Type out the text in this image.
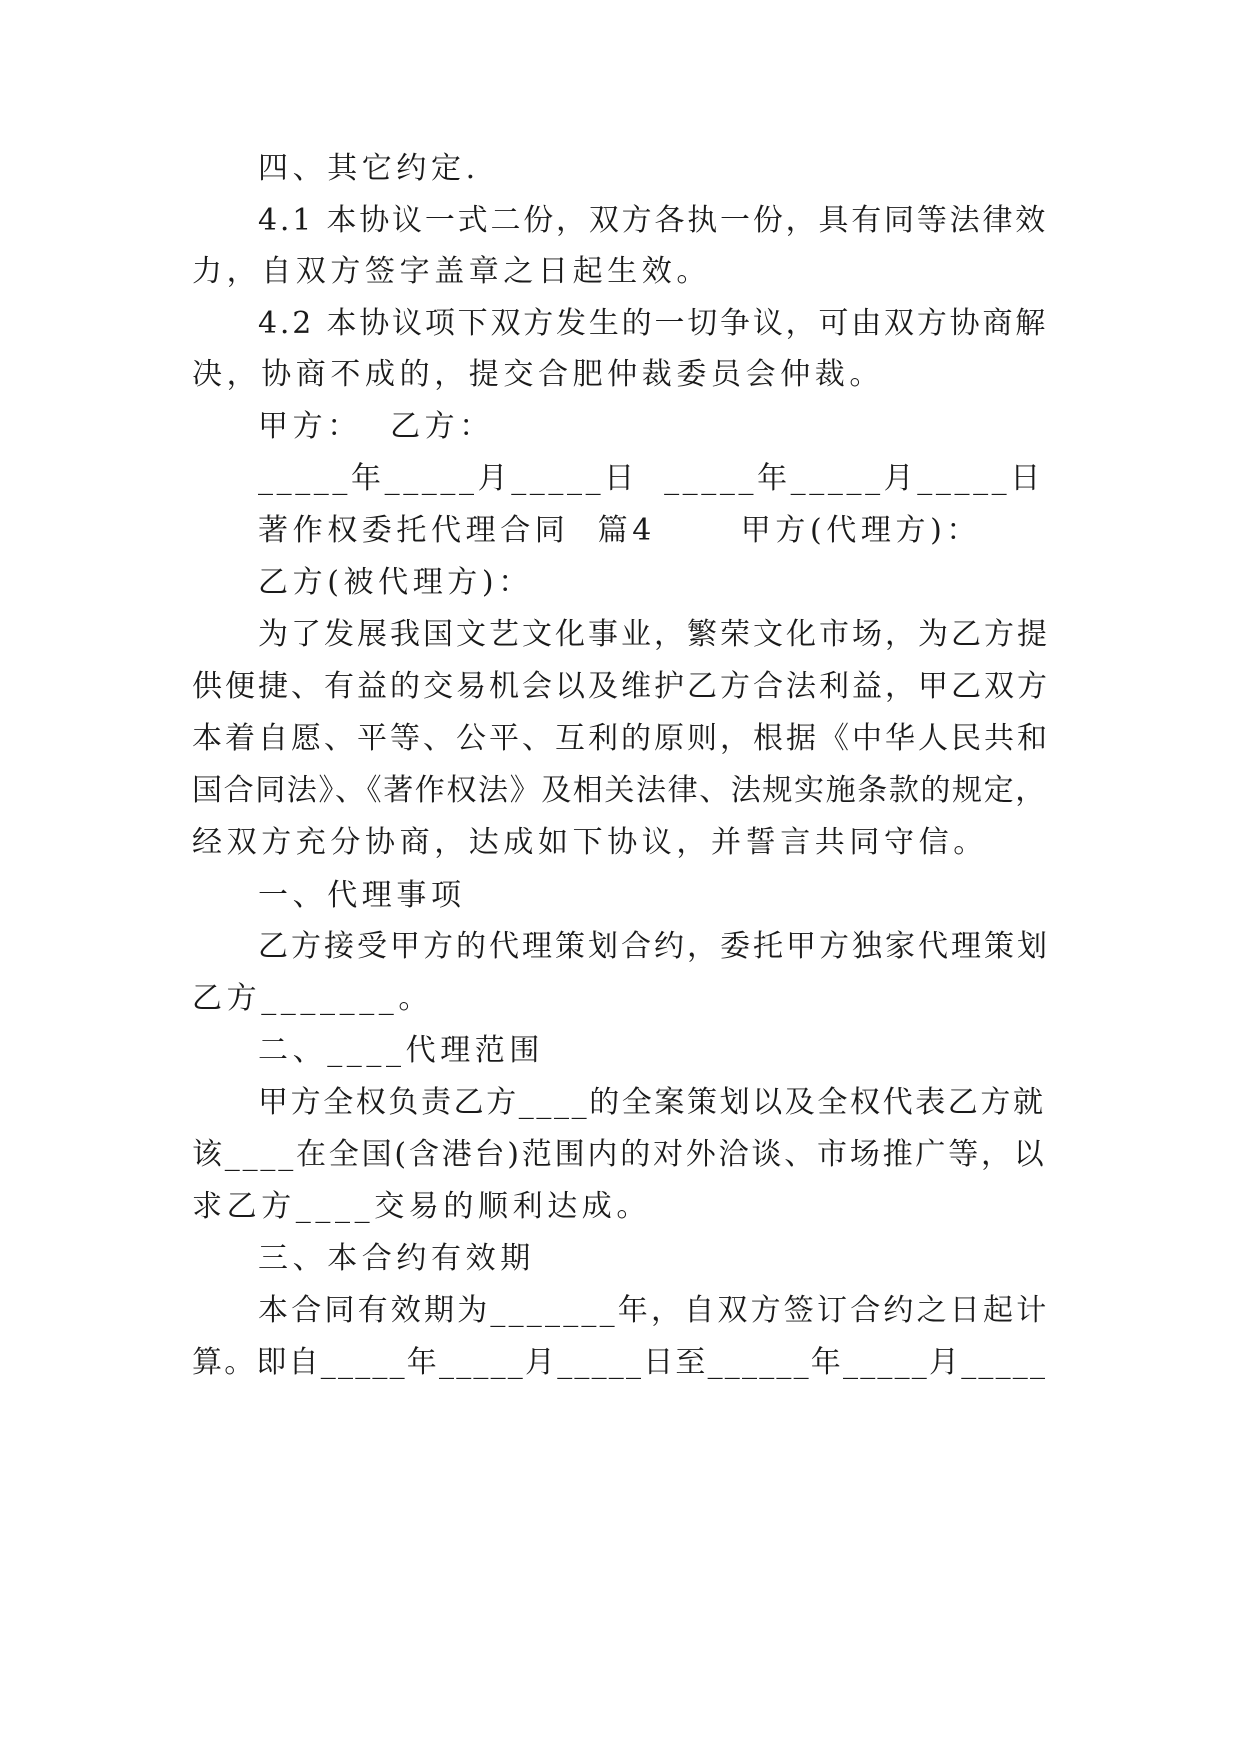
四、其它约定.
4.1 本协议一式二份，双方各执一份，具有同等法律效
力，自双方签字盖章之日起生效。
4.2 本协议项下双方发生的一切争议，可由双方协商解
决，协商不成的，提交合肥仲裁委员会仲裁。
甲方：  乙方：
_____年_____月_____日  _____年_____月_____日
著作权委托代理合同  篇4      甲方(代理方)：
乙方(被代理方)：
为了发展我国文艺文化事业，繁荣文化市场，为乙方提
供便捷、有益的交易机会以及维护乙方合法利益，甲乙双方
本着自愿、平等、公平、互利的原则，根据《中华人民共和
国合同法》、《著作权法》及相关法律、法规实施条款的规定，
经双方充分协商，达成如下协议，并誓言共同守信。
一、代理事项
乙方接受甲方的代理策划合约，委托甲方独家代理策划
乙方_______。
二、____代理范围
甲方全权负责乙方____的全案策划以及全权代表乙方就
该____在全国(含港台)范围内的对外洽谈、市场推广等，以
求乙方____交易的顺利达成。
三、本合约有效期
本合同有效期为_______年，自双方签订合约之日起计
算。即自_____年_____月_____日至______年_____月_____
